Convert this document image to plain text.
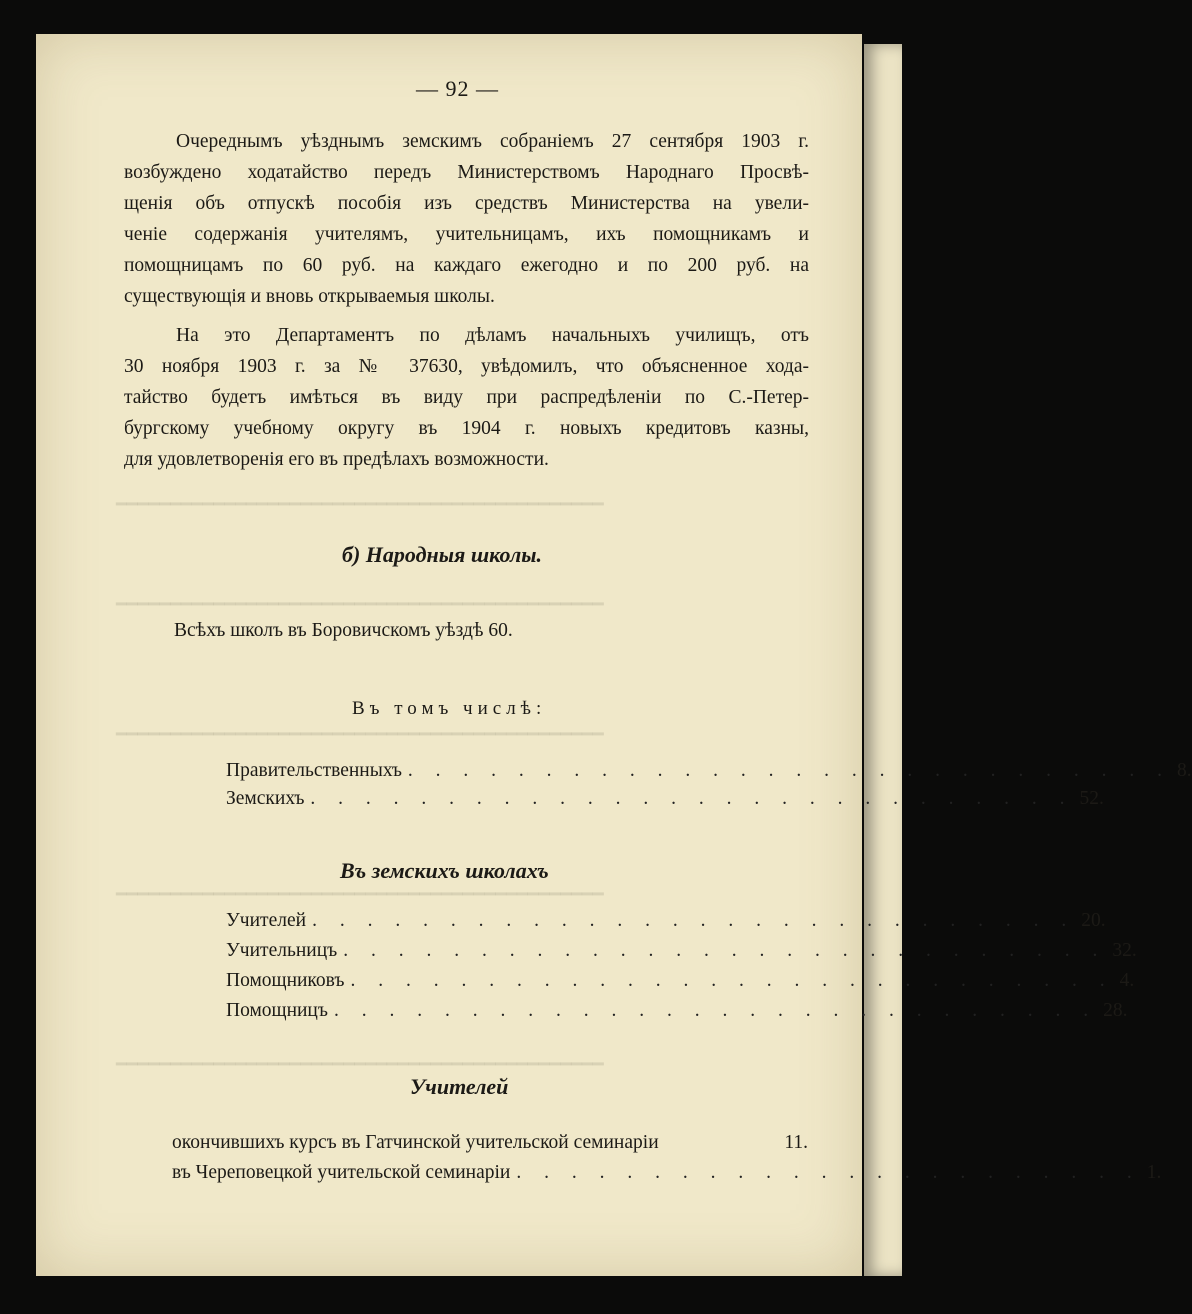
━━━━━━━━━━━━━━━━━━━━━━━━━━━━━━━━━━━━━━━━━━━━━
━━━━━━━━━━━━━━━━━━━━━━━━━━━━━━━━━━━━━━━━━━━━━
━━━━━━━━━━━━━━━━━━━━━━━━━━━━━━━━━━━━━━━━━━━━━
━━━━━━━━━━━━━━━━━━━━━━━━━━━━━━━━━━━━━━━━━━━━━
━━━━━━━━━━━━━━━━━━━━━━━━━━━━━━━━━━━━━━━━━━━━━
— 92 —
Очереднымъ уѣзднымъ земскимъ собраніемъ 27 сентября 1903 г.
возбуждено ходатайство передъ Министерствомъ Народнаго Просвѣ-
щенія объ отпускѣ пособія изъ средствъ Министерства на увели-
ченіе содержанія учителямъ, учительницамъ, ихъ помощникамъ и
помощницамъ по 60 руб. на каждаго ежегодно и по 200 руб. на
существующія и вновь открываемыя школы.
На это Департаментъ по дѣламъ начальныхъ училищъ, отъ
30 ноября 1903 г. за № 37630, увѣдомилъ, что объясненное хода-
тайство будетъ имѣться въ виду при распредѣленіи по С.-Петер-
бургскому учебному округу въ 1904 г. новыхъ кредитовъ казны,
для удовлетворенія его въ предѣлахъ возможности.
б) Народныя школы.
Всѣхъ школъ въ Боровичскомъ уѣздѣ 60.
Въ томъ числѣ:
Правительственныхъ . . . . . . . . . . . . . . . . . . . . . . . . . . . . 8.
Земскихъ . . . . . . . . . . . . . . . . . . . . . . . . . . . . 52.
Въ земскихъ школахъ
Учителей . . . . . . . . . . . . . . . . . . . . . . . . . . . . 20.
Учительницъ . . . . . . . . . . . . . . . . . . . . . . . . . . . . 32.
Помощниковъ . . . . . . . . . . . . . . . . . . . . . . . . . . . . 4.
Помощницъ . . . . . . . . . . . . . . . . . . . . . . . . . . . . 28.
Учителей
окончившихъ курсъ въ Гатчинской учительской семинаріи	11.
въ Череповецкой учительской семинаріи . . . . . . . . . . . . . . . . . . . . . . . 1.
